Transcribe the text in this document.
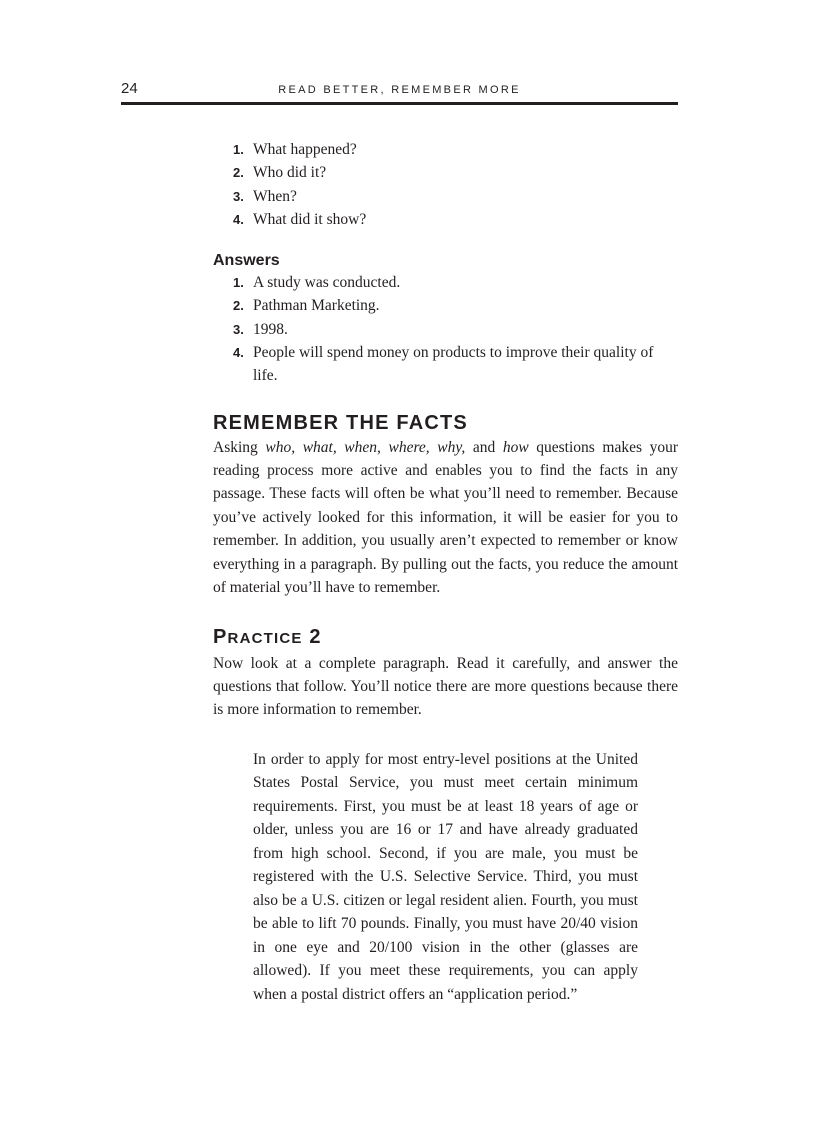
24	READ BETTER, REMEMBER MORE
1. What happened?
2. Who did it?
3. When?
4. What did it show?
Answers
1. A study was conducted.
2. Pathman Marketing.
3. 1998.
4. People will spend money on products to improve their quality of life.
REMEMBER THE FACTS

Asking who, what, when, where, why, and how questions makes your reading process more active and enables you to find the facts in any passage. These facts will often be what you’ll need to remember. Because you’ve actively looked for this information, it will be easier for you to remember. In addition, you usually aren’t expected to remember or know everything in a paragraph. By pulling out the facts, you reduce the amount of material you’ll have to remember.

PRACTICE 2

Now look at a complete paragraph. Read it carefully, and answer the questions that follow. You’ll notice there are more questions because there is more information to remember.

In order to apply for most entry-level positions at the United States Postal Service, you must meet certain minimum requirements. First, you must be at least 18 years of age or older, unless you are 16 or 17 and have already graduated from high school. Second, if you are male, you must be registered with the U.S. Selective Service. Third, you must also be a U.S. citizen or legal resident alien. Fourth, you must be able to lift 70 pounds. Finally, you must have 20/40 vision in one eye and 20/100 vision in the other (glasses are allowed). If you meet these requirements, you can apply when a postal district offers an “application period.”
